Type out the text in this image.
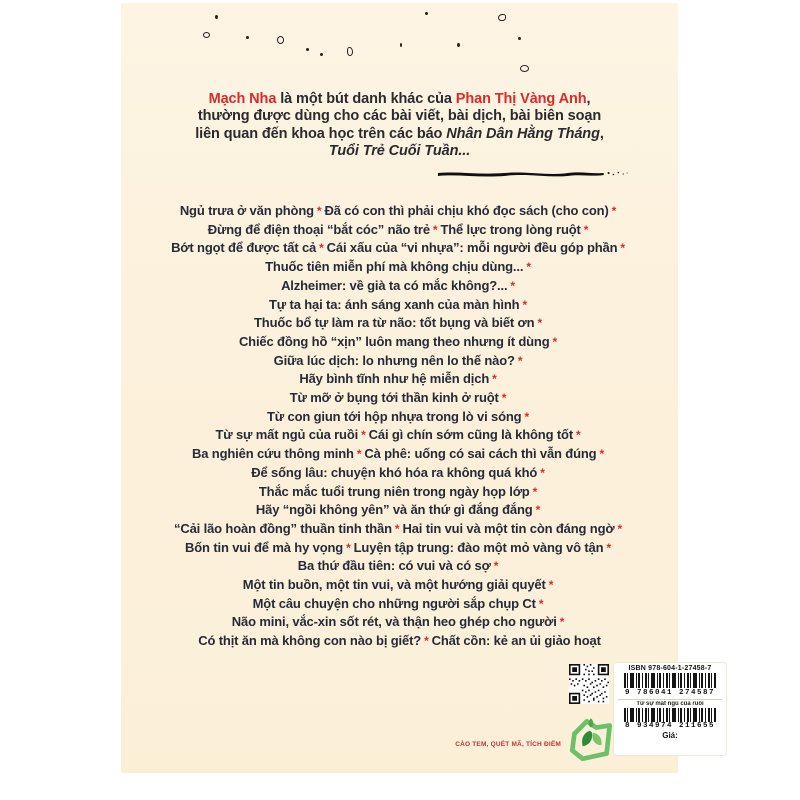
Mạch Nha là một bút danh khác của Phan Thị Vàng Anh,
thường được dùng cho các bài viết, bài dịch, bài biên soạn
liên quan đến khoa học trên các báo Nhân Dân Hằng Tháng,
Tuổi Trẻ Cuối Tuần...
Ngủ trưa ở văn phòng * Đã có con thì phải chịu khó đọc sách (cho con) *
Đừng để điện thoại “bắt cóc” não trẻ * Thể lực trong lòng ruột *
Bớt ngọt để được tất cả * Cái xấu của “vi nhựa”: mỗi người đều góp phần *
Thuốc tiên miễn phí mà không chịu dùng... *
Alzheimer: về già ta có mắc không?... *
Tự ta hại ta: ánh sáng xanh của màn hình *
Thuốc bổ tự làm ra từ não: tốt bụng và biết ơn *
Chiếc đồng hồ “xịn” luôn mang theo nhưng ít dùng *
Giữa lúc dịch: lo nhưng nên lo thế nào? *
Hãy bình tĩnh như hệ miễn dịch *
Từ mỡ ở bụng tới thần kinh ở ruột *
Từ con giun tới hộp nhựa trong lò vi sóng *
Từ sự mất ngủ của ruồi * Cái gì chín sớm cũng là không tốt *
Ba nghiên cứu thông minh * Cà phê: uống có sai cách thì vẫn đúng *
Để sống lâu: chuyện khó hóa ra không quá khó *
Thắc mắc tuổi trung niên trong ngày họp lớp *
Hãy “ngồi không yên” và ăn thứ gì đắng đắng *
“Cải lão hoàn đồng” thuần tinh thần * Hai tin vui và một tin còn đáng ngờ *
Bốn tin vui để mà hy vọng * Luyện tập trung: đào một mỏ vàng vô tận *
Ba thứ đầu tiên: có vui và có sợ *
Một tin buồn, một tin vui, và một hướng giải quyết *
Một câu chuyện cho những người sắp chụp Ct *
Não mini, vắc-xin sốt rét, và thận heo ghép cho người *
Có thịt ăn mà không con nào bị giết? * Chất cồn: kẻ an ủi giảo hoạt
CÀO TEM, QUÉT MÃ, TÍCH ĐIỂM
ISBN 978-604-1-27458-7
9 786041 274587
Từ sự mất ngủ của ruồi
8 934974 211655
Giá:
